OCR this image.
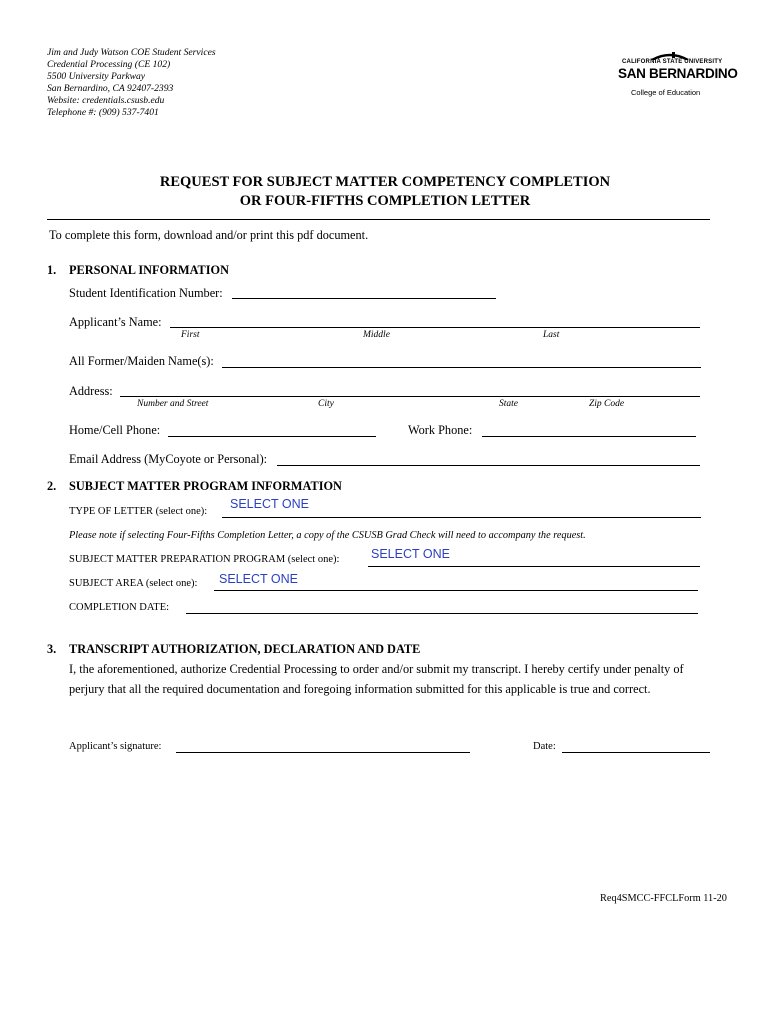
Jim and Judy Watson COE Student Services
Credential Processing (CE 102)
5500 University Parkway
San Bernardino, CA 92407-2393
Website: credentials.csusb.edu
Telephone #: (909) 537-7401
CALIFORNIA STATE UNIVERSITY
SAN BERNARDINO
College of Education
REQUEST FOR SUBJECT MATTER COMPETENCY COMPLETION
OR FOUR-FIFTHS COMPLETION LETTER
To complete this form, download and/or print this pdf document.
1. PERSONAL INFORMATION
Student Identification Number:
Applicant’s Name:
First	Middle	Last
All Former/Maiden Name(s):
Address:
Number and Street	City	State	Zip Code
Home/Cell Phone:	Work Phone:
Email Address (MyCoyote or Personal):
2. SUBJECT MATTER PROGRAM INFORMATION
TYPE OF LETTER (select one):
SELECT ONE
Please note if selecting Four-Fifths Completion Letter, a copy of the CSUSB Grad Check will need to accompany the request.
SUBJECT MATTER PREPARATION PROGRAM (select one):	SELECT ONE
SUBJECT AREA (select one): SELECT ONE
COMPLETION DATE:
3. TRANSCRIPT AUTHORIZATION, DECLARATION AND DATE
I, the aforementioned, authorize Credential Processing to order and/or submit my transcript. I hereby certify under penalty of
perjury that all the required documentation and foregoing information submitted for this applicable is true and correct.
Applicant’s signature:	Date:
Req4SMCC-FFCLForm 11-20
